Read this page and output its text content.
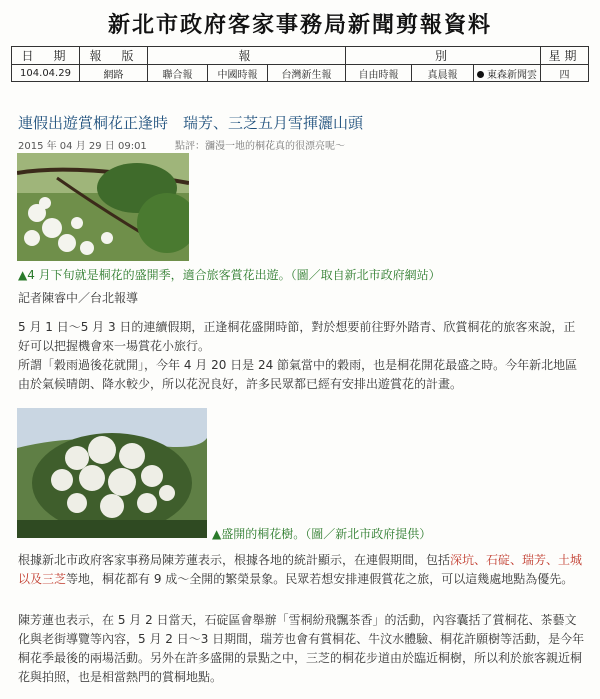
新北市政府客家事務局新聞剪報資料
日　期	報　版	報			別			星期
104.04.29	網路	聯合報	中國時報	台灣新生報	自由時報	真晨報	東森新聞雲	四
連假出遊賞桐花正逢時　瑞芳、三芝五月雪揮灑山頭
2015 年 04 月 29 日 09:01	點評：瀰漫一地的桐花真的很漂亮呢～
▲4 月下旬就是桐花的盛開季，適合旅客賞花出遊。（圖／取自新北市政府網站）
記者陳睿中／台北報導

5 月 1 日～5 月 3 日的連續假期，正逢桐花盛開時節，對於想要前往野外踏青、欣賞桐花的旅客來說，正好可以把握機會來一場賞花小旅行。

所謂「穀雨過後花就開」，今年 4 月 20 日是 24 節氣當中的穀雨，也是桐花開花最盛之時。今年新北地區由於氣候晴朗、降水較少，所以花況良好，許多民眾都已經有安排出遊賞花的計畫。

▲盛開的桐花樹。（圖／新北市政府提供）

根據新北市政府客家事務局陳芳蓮表示，根據各地的統計顯示，在連假期間，包括深坑、石碇、瑞芳、土城以及三芝等地，桐花都有 9 成～全開的繁榮景象。民眾若想安排連假賞花之旅，可以這幾處地點為優先。

陳芳蓮也表示，在 5 月 2 日當天，石碇區會舉辦「雪桐紛飛飄茶香」的活動，內容囊括了賞桐花、茶藝文化與老街導覽等內容，5 月 2 日～3 日期間，瑞芳也會有賞桐花、牛汶水體驗、桐花許願樹等活動，是今年桐花季最後的兩場活動。另外在許多盛開的景點之中，三芝的桐花步道由於臨近桐樹，所以利於旅客親近桐花與拍照，也是相當熱門的賞桐地點。
